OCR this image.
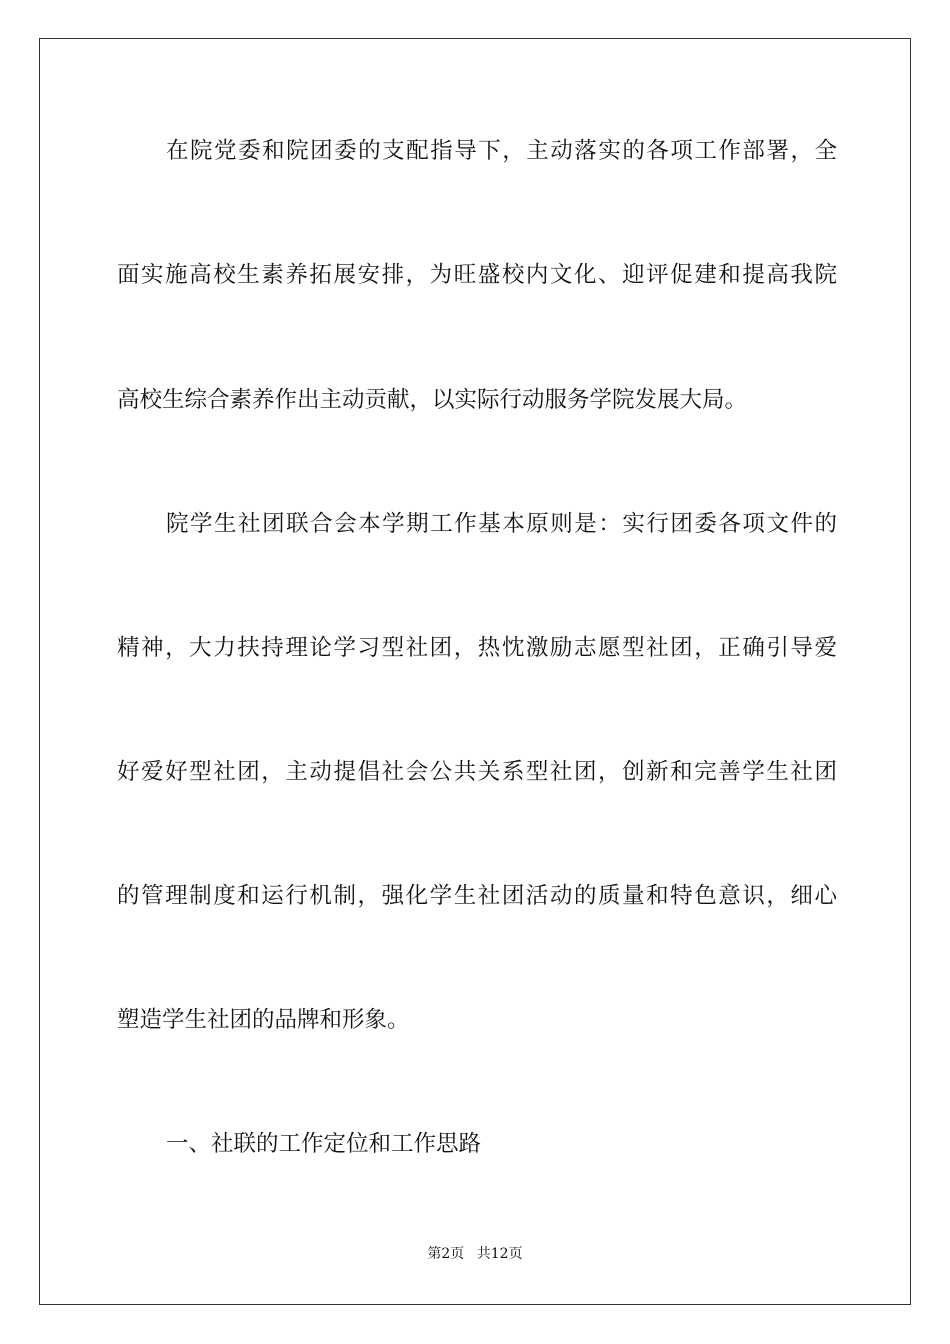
在院党委和院团委的支配指导下，主动落实的各项工作部署，全
面实施高校生素养拓展安排，为旺盛校内文化、迎评促建和提高我院
高校生综合素养作出主动贡献，以实际行动服务学院发展大局。
院学生社团联合会本学期工作基本原则是：实行团委各项文件的
精神，大力扶持理论学习型社团，热忱激励志愿型社团，正确引导爱
好爱好型社团，主动提倡社会公共关系型社团，创新和完善学生社团
的管理制度和运行机制，强化学生社团活动的质量和特色意识，细心
塑造学生社团的品牌和形象。
一、社联的工作定位和工作思路
第2页 共12页
